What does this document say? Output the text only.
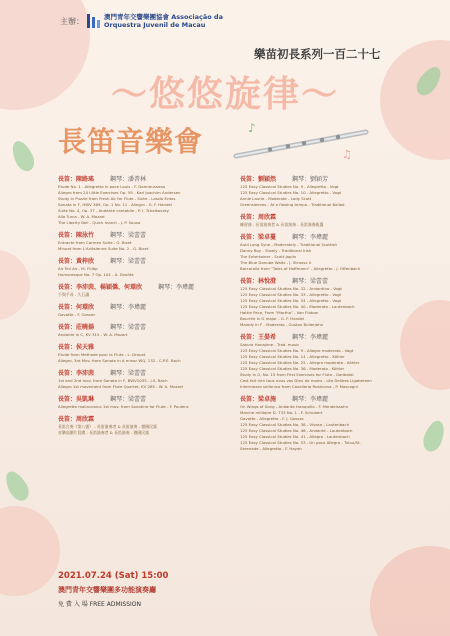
主辦：	澳門青年交響樂團協會 Associação da Orquestra Juvenil de Macau
樂苗初長系列一百二十七
～悠悠旋律～
長笛音樂會	♪
♫
長笛：陳路瑤	鋼琴：潘普林
Etude No. 1 - Allegretto in pace Louis - F. Damrausseau
Allegro from 24 Little Exercises Op. 59 - Karl Joachim Andersen
Study in Puzzle from Fresh Air for Flute - Suite - Laszlo Erdos
Sonata in F, HWV 369, Op. 1 No. 11 - Allegro - G. F. Handel
Suite No. 4, Op. 37 - Andante cantabile - P. I. Tchaikovsky
Alla Turca - W. A. Mozart
The Liberty Bell - Quick march - J. P. Sousa
長笛：陳泳竹	鋼琴：梁蕾蕾
Entracte from Carmen Suite - G. Bizet
Minuet from L'Arlésienne Suite No. 2 - G. Bizet
長笛：黃梓欣	鋼琴：梁蕾蕾
Air Tell Air - M. Fülöp
Humoresque No. 7 Op. 101 - A. Dvořák
長笛：李沛茵、楊穎僑、何璟欣	鋼琴：李瑋麗
千與千尋 - 久石讓
長笛：何璟欣	鋼琴：李瑋麗
Gavotte - F. Gossec
長笛：莊曉揚	鋼琴：梁蕾蕾
Andante in C, KV 315 - W. A. Mozart
長笛：侯天雅
Etude from Methode pour la Flute - L. Drouet
Allegro, 3rd Mov. from Sonata in A minor WQ. 132 - C.P.E. Bach
長笛：李沛茵	鋼琴：梁蕾蕾
1st and 2nd mov. from Sonata in F, BWV1035 - J.S. Bach
Allegro 1st movement from Flute Quartet, KV 285 - W. A. Mozart
長笛：吳凱琳	鋼琴：梁蕾蕾
Allegretto malinconico 1st mov. from Sonatine for Flute - F. Poulenc
長笛：周欣霖
長笛合奏《第八號》 - 長笛演奏者 & 長笛演奏 - 德國民謠
音樂高潮片段總 - 長笛演奏者 & 長笛演奏 - 德國民謠
長笛：劉穎然	鋼琴：劉穎芳
125 Easy Classical Studies No. 9 - Allegretto - Vogt
125 Easy Classical Studies No. 10 - Allegretto - Vogt
Annie Laurie - Moderate - Lady Scott
Greensleeves - At a flowing tempo - Traditional Ballad
長笛：周欣霖
練習曲 - 長笛演奏者 & 長笛演奏 - 長笛演奏曲選
長笛：梁卓蔓	鋼琴：李瑋麗
Auld Lang Syne - Moderately - Traditional Scottish
Danny Boy - Slowly - Traditional Irish
The Entertainer - Scott Joplin
The Blue Danube Waltz - J. Strauss II
Barcarolle from "Tales of Hoffmann" - Allegretto - J. Offenbach
長笛：林悅澄	鋼琴：梁蕾蕾
125 Easy Classical Studies No. 32 - Andantino - Vogt
125 Easy Classical Studies No. 33 - Allegretto - Vogt
125 Easy Classical Studies No. 34 - Allegretto - Vogt
125 Easy Classical Studies No. 40 - Moderato - Lautenbach
Hattie Pace, From "Martha" - Von Flotow
Bourrée in G major - G. F. Handel
Malady in F - Moderato - Gustav Bullerjahn
長笛：王晏希	鋼琴：李瑋麗
Sakura Hanajime - Trad. music
125 Easy Classical Studies No. 9 - Allegro moderato - Vogt
125 Easy Classical Studies No. 14 - Allegretto - Köhler
125 Easy Classical Studies No. 25 - Allegro moderato - Köhler
125 Easy Classical Studies No. 36 - Moderato - Köhler
Study in G, No. 15 from First Exercises for Flute - Garibaldi
Cest fait rien tous nous vos Dieu de moins - Léo Delibes Ligabeteen
Intermezzo sinfonico from Cavalleria Rusticana - P. Mascagni
長笛：梁卓施	鋼琴：李瑋麗
On Wings of Song - Andante tranquillo - F. Mendelssohn
Marche militaire D. 733 No. 1 - F. Schubert
Gavotte - Allegretto - F. J. Gossec
125 Easy Classical Studies No. 38 - Vivace - Lautenbach
125 Easy Classical Studies No. 46 - Andante - Lautenbach
125 Easy Classical Studies No. 41 - Allegro - Lautenbach
125 Easy Classical Studies No. 53 - Un poco Allegro - Tulou/St.
Serenade - Allegretto - F. Haydn
2021.07.24 (Sat) 15:00
澳門青年交響樂團多功能演奏廳
免 費 入 場 FREE ADMISSION
